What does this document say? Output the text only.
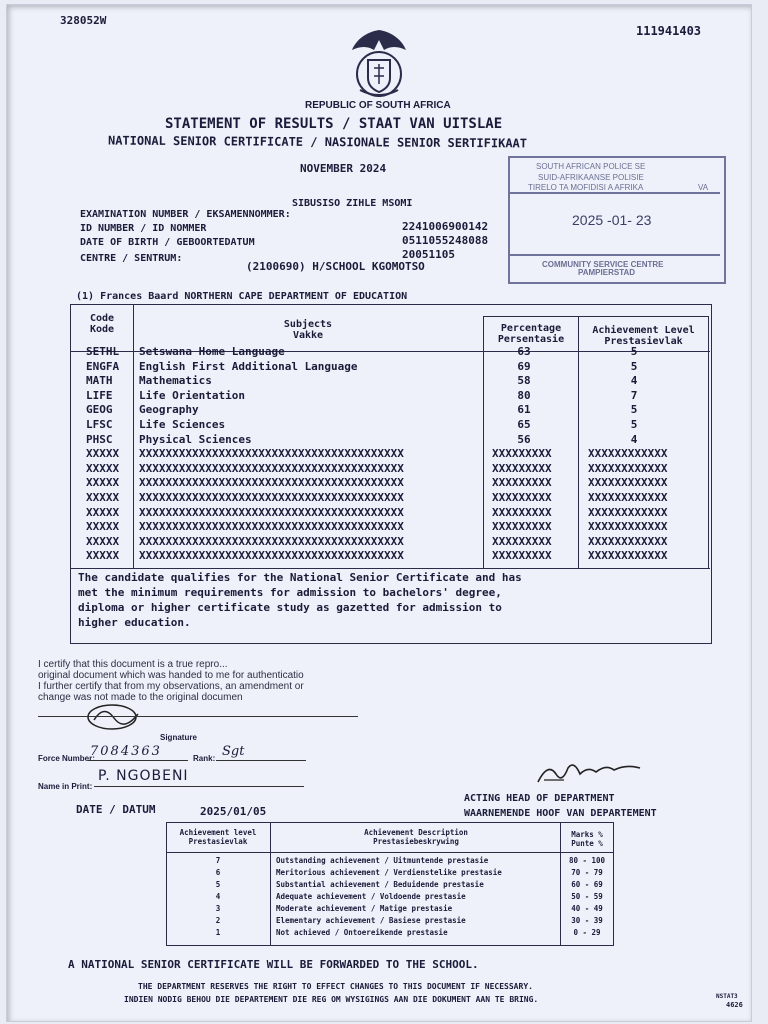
328052W
111941403
REPUBLIC OF SOUTH AFRICA
STATEMENT OF RESULTS / STAAT VAN UITSLAE
NATIONAL SENIOR CERTIFICATE / NASIONALE SENIOR SERTIFIKAAT
NOVEMBER 2024
SIBUSISO ZIHLE MSOMI
EXAMINATION NUMBER / EKSAMENNOMMER:
2241006900142
ID NUMBER / ID NOMMER
0511055248088
DATE OF BIRTH / GEBOORTEDATUM
20051105
CENTRE / SENTRUM:
(2100690) H/SCHOOL KGOMOTSO
SOUTH AFRICAN POLICE SE
SUID-AFRIKAANSE POLISIE
TIRELO TA MOFIDISI A AFRIKA	VA
2025 -01- 23
COMMUNITY SERVICE CENTRE
PAMPIERSTAD
(1) Frances Baard NORTHERN CAPE DEPARTMENT OF EDUCATION
Code
Kode	Subjects
Vakke
Percentage
Persentasie
Achievement Level
Prestasievlak
SETHL Setswana Home Language	63	5
ENGFA English First Additional Language	69	5
MATH Mathematics	58	4
LIFE Life Orientation	80	7
GEOG Geography	61	5
LFSC Life Sciences	65	5
PHSC Physical Sciences	56	4
XXXXX XXXXXXXXXXXXXXXXXXXXXXXXXXXXXXXXXXXXXXXX	XXXXXXXXX	XXXXXXXXXXXX
XXXXX XXXXXXXXXXXXXXXXXXXXXXXXXXXXXXXXXXXXXXXX	XXXXXXXXX	XXXXXXXXXXXX
XXXXX XXXXXXXXXXXXXXXXXXXXXXXXXXXXXXXXXXXXXXXX	XXXXXXXXX	XXXXXXXXXXXX
XXXXX XXXXXXXXXXXXXXXXXXXXXXXXXXXXXXXXXXXXXXXX	XXXXXXXXX	XXXXXXXXXXXX
XXXXX XXXXXXXXXXXXXXXXXXXXXXXXXXXXXXXXXXXXXXXX	XXXXXXXXX	XXXXXXXXXXXX
XXXXX XXXXXXXXXXXXXXXXXXXXXXXXXXXXXXXXXXXXXXXX	XXXXXXXXX	XXXXXXXXXXXX
XXXXX XXXXXXXXXXXXXXXXXXXXXXXXXXXXXXXXXXXXXXXX	XXXXXXXXX	XXXXXXXXXXXX
XXXXX XXXXXXXXXXXXXXXXXXXXXXXXXXXXXXXXXXXXXXXX	XXXXXXXXX	XXXXXXXXXXXX
The candidate qualifies for the National Senior Certificate and has
met the minimum requirements for admission to bachelors' degree,
diploma or higher certificate study as gazetted for admission to
higher education.
I certify that this document is a true repro...
original document which was handed to me for authenticatio
I further certify that from my observations, an amendment or
change was not made to the original documen
Signature
Force Number:
7084363	Rank: Sgt
Name in Print:
P. NGOBENI
DATE / DATUM	2025/01/05
ACTING HEAD OF DEPARTMENT
WAARNEMENDE HOOF VAN DEPARTEMENT
Achievement level
Prestasievlak
Achievement Description
Prestasiebeskrywing
Marks %
Punte %
7	Outstanding achievement / Uitmuntende prestasie	80 - 100
6	Meritorious achievement / Verdienstelike prestasie	70 - 79
5	Substantial achievement / Beduidende prestasie	60 - 69
4	Adequate achievement / Voldoende prestasie	50 - 59
3	Moderate achievement / Matige prestasie	40 - 49
2	Elementary achievement / Basiese prestasie	30 - 39
1	Not achieved / Ontoereikende prestasie	0 - 29
A NATIONAL SENIOR CERTIFICATE WILL BE FORWARDED TO THE SCHOOL.
THE DEPARTMENT RESERVES THE RIGHT TO EFFECT CHANGES TO THIS DOCUMENT IF NECESSARY.
INDIEN NODIG BEHOU DIE DEPARTEMENT DIE REG OM WYSIGINGS AAN DIE DOKUMENT AAN TE BRING.	NSTAT3
4626
